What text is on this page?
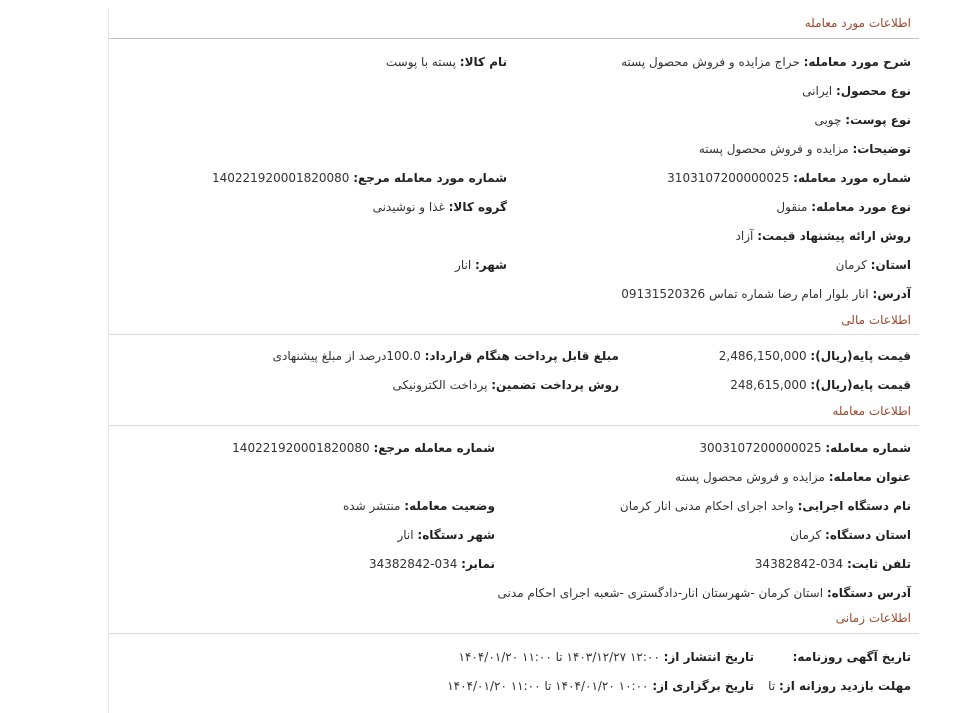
اطلاعات مورد معامله
شرح مورد معامله: حراج مزایده و فروش محصول پسته
نام کالا: پسته با پوست
نوع محصول: ایرانی
نوع پوست: چوبی
توضیحات: مزایده و فروش محصول پسته
شماره مورد معامله: 3103107200000025
شماره مورد معامله مرجع: 140221920001820080
نوع مورد معامله: منقول
گروه کالا: غذا و نوشیدنی
روش ارائه پیشنهاد قیمت: آزاد
استان: کرمان
شهر: انار
آدرس: انار بلوار امام رضا شماره تماس 09131520326
اطلاعات مالی
قیمت پایه(ریال): 2,486,150,000
مبلغ قابل پرداخت هنگام قرارداد: 100.0درصد از مبلغ پیشنهادی
قیمت پایه(ریال): 248,615,000
روش پرداخت تضمین: پرداخت الکترونیکی
اطلاعات معامله
شماره معامله: 3003107200000025
شماره معامله مرجع: 140221920001820080
عنوان معامله: مزایده و فروش محصول پسته
نام دستگاه اجرایی: واحد اجرای احکام مدنی انار کرمان
وضعیت معامله: منتشر شده
استان دستگاه: کرمان
شهر دستگاه: انار
تلفن ثابت: 034-34382842
نمابر: 034-34382842
آدرس دستگاه: استان کرمان -شهرستان انار-دادگستری -شعبه اجرای احکام مدنی
اطلاعات زمانی
تاریخ آگهی روزنامه:
تاریخ انتشار از: ۱۲:۰۰ ۱۴۰۳/۱۲/۲۷ تا ۱۱:۰۰ ۱۴۰۴/۰۱/۲۰
مهلت بازدید روزانه از: تا
تاریخ برگزاری از: ۱۰:۰۰ ۱۴۰۴/۰۱/۲۰ تا ۱۱:۰۰ ۱۴۰۴/۰۱/۲۰
